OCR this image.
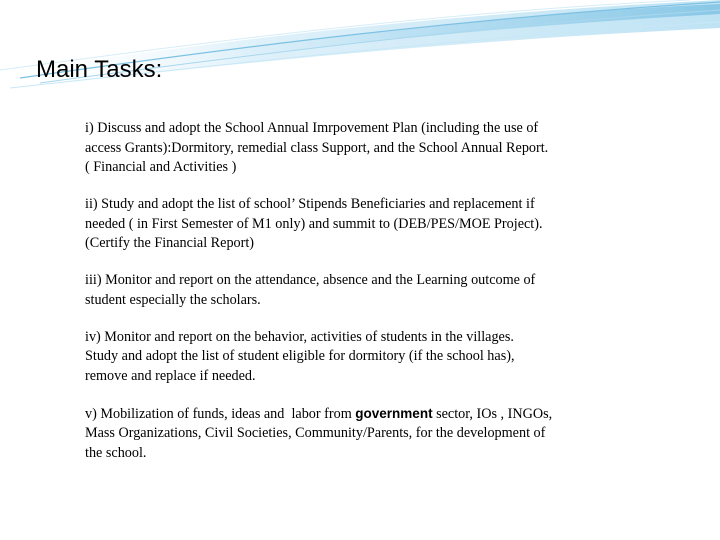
Main Tasks:

i) Discuss and adopt the School Annual Imrpovement Plan (including the use of
access Grants):Dormitory, remedial class Support, and the School Annual Report.
( Financial and Activities )

ii) Study and adopt the list of school’ Stipends Beneficiaries and replacement if
needed ( in First Semester of M1 only) and summit to (DEB/PES/MOE Project).
(Certify the Financial Report)

iii) Monitor and report on the attendance, absence and the Learning outcome of
student especially the scholars.

iv) Monitor and report on the behavior, activities of students in the villages.
Study and adopt the list of student eligible for dormitory (if the school has),
remove and replace if needed.

v) Mobilization of funds, ideas and  labor from government sector, IOs , INGOs,
Mass Organizations, Civil Societies, Community/Parents, for the development of
the school.
